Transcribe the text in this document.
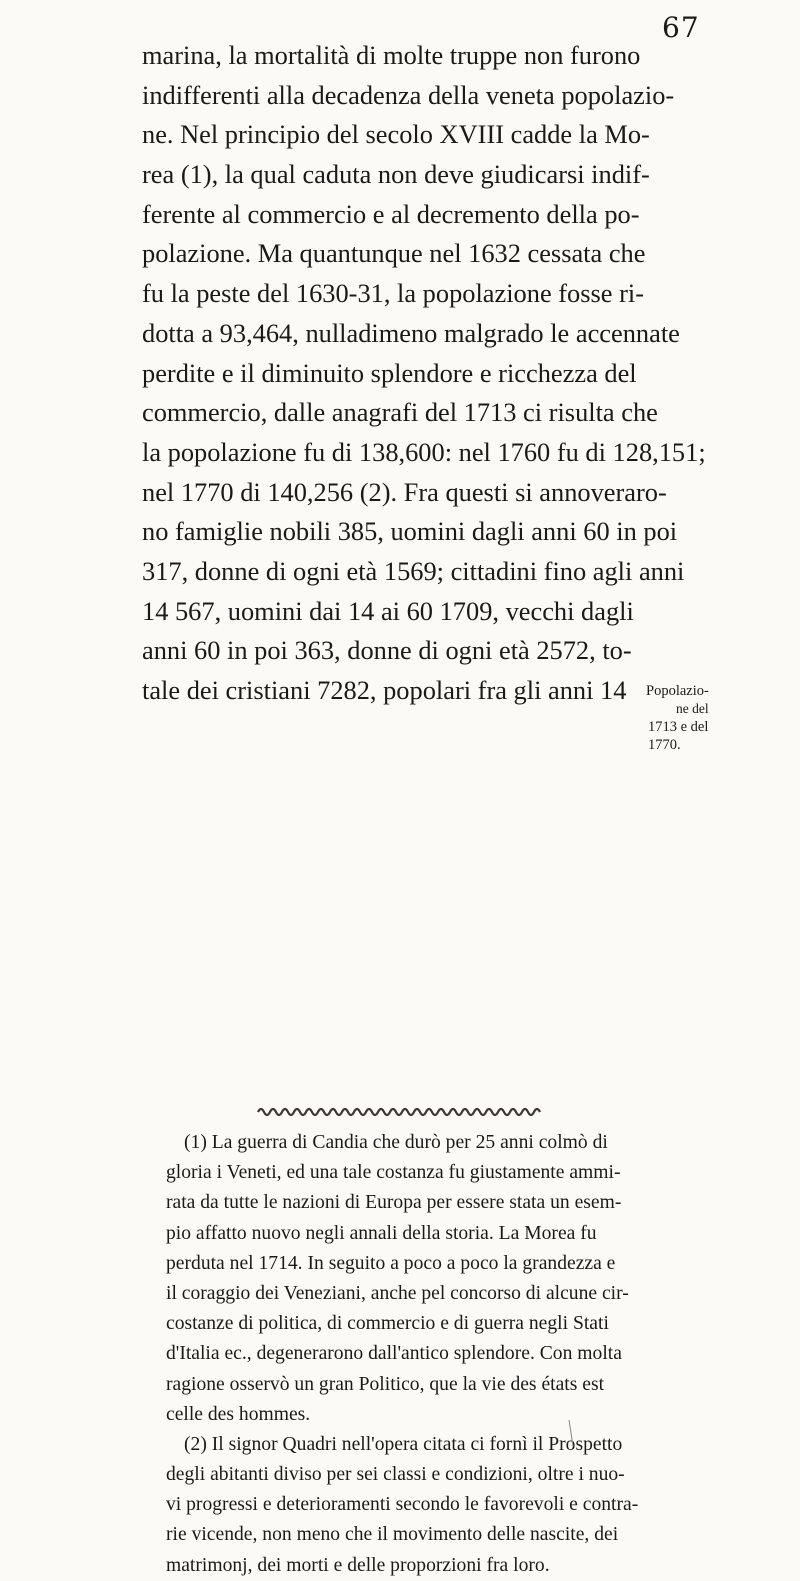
67
marina, la mortalità di molte truppe non furono
indifferenti alla decadenza della veneta popolazio-
ne. Nel principio del secolo XVIII cadde la Mo-
rea (1), la qual caduta non deve giudicarsi indif-
ferente al commercio e al decremento della po-
polazione. Ma quantunque nel 1632 cessata che
fu la peste del 1630-31, la popolazione fosse ri-
dotta a 93,464, nulladimeno malgrado le accennate
perdite e il diminuito splendore e ricchezza del
commercio, dalle anagrafi del 1713 ci risulta che
la popolazione fu di 138,600: nel 1760 fu di 128,151;
nel 1770 di 140,256 (2). Fra questi si annoverarо-
no famiglie nobili 385, uomini dagli anni 60 in poi
317, donne di ogni età 1569; cittadini fino agli anni
14 567, uomini dai 14 ai 60 1709, vecchi dagli
anni 60 in poi 363, donne di ogni età 2572, to-
tale dei cristiani 7282, popolari fra gli anni 14	Popolazio-
ne del
1713 e del
1770.
(1) La guerra di Candia che durò per 25 anni colmò di
gloria i Veneti, ed una tale costanza fu giustamente ammi-
rata da tutte le nazioni di Europa per essere stata un esem-
pio affatto nuovo negli annali della storia. La Morea fu
perduta nel 1714. In seguito a poco a poco la grandezza e
il coraggio dei Veneziani, anche pel concorso di alcune cir-
costanze di politica, di commercio e di guerra negli Stati
d'Italia ec., degenerarono dall'antico splendore. Con molta
ragione osservò un gran Politico, que la vie des états est
celle des hommes.
(2) Il signor Quadri nell'opera citata ci fornì il Prospetto
degli abitanti diviso per sei classi e condizioni, oltre i nuo-
vi progressi e deterioramenti secondo le favorevoli e contra-
rie vicende, non meno che il movimento delle nascite, dei
matrimonj, dei morti e delle proporzioni fra loro.
